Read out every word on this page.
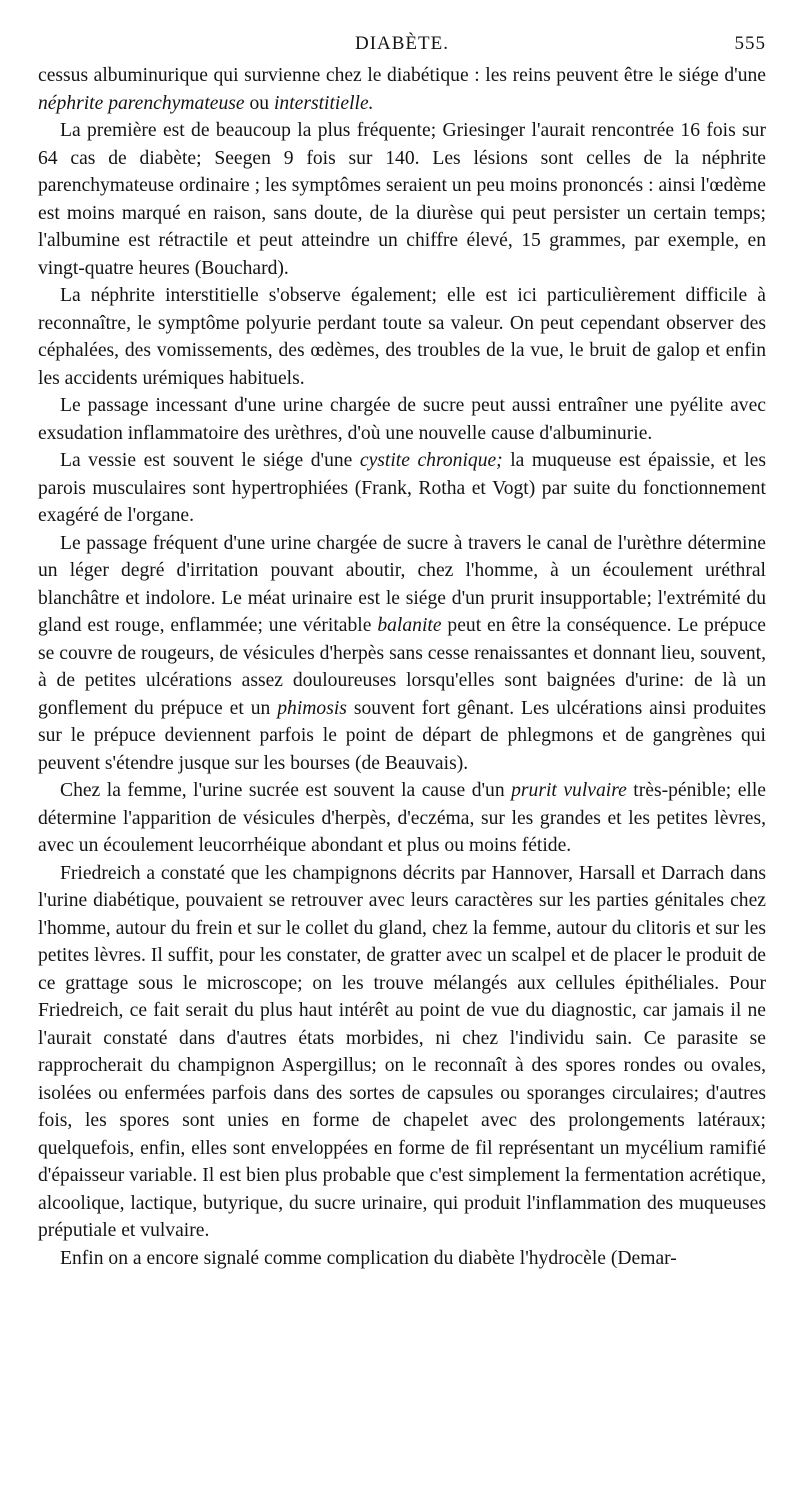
DIABÈTE.	555

cessus albuminurique qui survienne chez le diabétique : les reins peuvent être le siége d'une néphrite parenchymateuse ou interstitielle.

La première est de beaucoup la plus fréquente; Griesinger l'aurait rencontrée 16 fois sur 64 cas de diabète; Seegen 9 fois sur 140. Les lésions sont celles de la néphrite parenchymateuse ordinaire ; les symptômes seraient un peu moins prononcés : ainsi l'œdème est moins marqué en raison, sans doute, de la diurèse qui peut persister un certain temps; l'albumine est rétractile et peut atteindre un chiffre élevé, 15 grammes, par exemple, en vingt-quatre heures (Bouchard).

La néphrite interstitielle s'observe également; elle est ici particulièrement difficile à reconnaître, le symptôme polyurie perdant toute sa valeur. On peut cependant observer des céphalées, des vomissements, des œdèmes, des troubles de la vue, le bruit de galop et enfin les accidents urémiques habituels.

Le passage incessant d'une urine chargée de sucre peut aussi entraîner une pyélite avec exsudation inflammatoire des urèthres, d'où une nouvelle cause d'albuminurie.

La vessie est souvent le siége d'une cystite chronique; la muqueuse est épaissie, et les parois musculaires sont hypertrophiées (Frank, Rotha et Vogt) par suite du fonctionnement exagéré de l'organe.

Le passage fréquent d'une urine chargée de sucre à travers le canal de l'urèthre détermine un léger degré d'irritation pouvant aboutir, chez l'homme, à un écoulement uréthral blanchâtre et indolore. Le méat urinaire est le siége d'un prurit insupportable; l'extrémité du gland est rouge, enflammée; une véritable balanite peut en être la conséquence. Le prépuce se couvre de rougeurs, de vésicules d'herpès sans cesse renaissantes et donnant lieu, souvent, à de petites ulcérations assez douloureuses lorsqu'elles sont baignées d'urine: de là un gonflement du prépuce et un phimosis souvent fort gênant. Les ulcérations ainsi produites sur le prépuce deviennent parfois le point de départ de phlegmons et de gangrènes qui peuvent s'étendre jusque sur les bourses (de Beauvais).

Chez la femme, l'urine sucrée est souvent la cause d'un prurit vulvaire très-pénible; elle détermine l'apparition de vésicules d'herpès, d'eczéma, sur les grandes et les petites lèvres, avec un écoulement leucorrhéique abondant et plus ou moins fétide.

Friedreich a constaté que les champignons décrits par Hannover, Harsall et Darrach dans l'urine diabétique, pouvaient se retrouver avec leurs caractères sur les parties génitales chez l'homme, autour du frein et sur le collet du gland, chez la femme, autour du clitoris et sur les petites lèvres. Il suffit, pour les constater, de gratter avec un scalpel et de placer le produit de ce grattage sous le microscope; on les trouve mélangés aux cellules épithéliales. Pour Friedreich, ce fait serait du plus haut intérêt au point de vue du diagnostic, car jamais il ne l'aurait constaté dans d'autres états morbides, ni chez l'individu sain. Ce parasite se rapprocherait du champignon Aspergillus; on le reconnaît à des spores rondes ou ovales, isolées ou enfermées parfois dans des sortes de capsules ou sporanges circulaires; d'autres fois, les spores sont unies en forme de chapelet avec des prolongements latéraux; quelquefois, enfin, elles sont enveloppées en forme de fil représentant un mycélium ramifié d'épaisseur variable. Il est bien plus probable que c'est simplement la fermentation acrétique, alcoolique, lactique, butyrique, du sucre urinaire, qui produit l'inflammation des muqueuses préputiale et vulvaire.

Enfin on a encore signalé comme complication du diabète l'hydrocèle (Demar-
